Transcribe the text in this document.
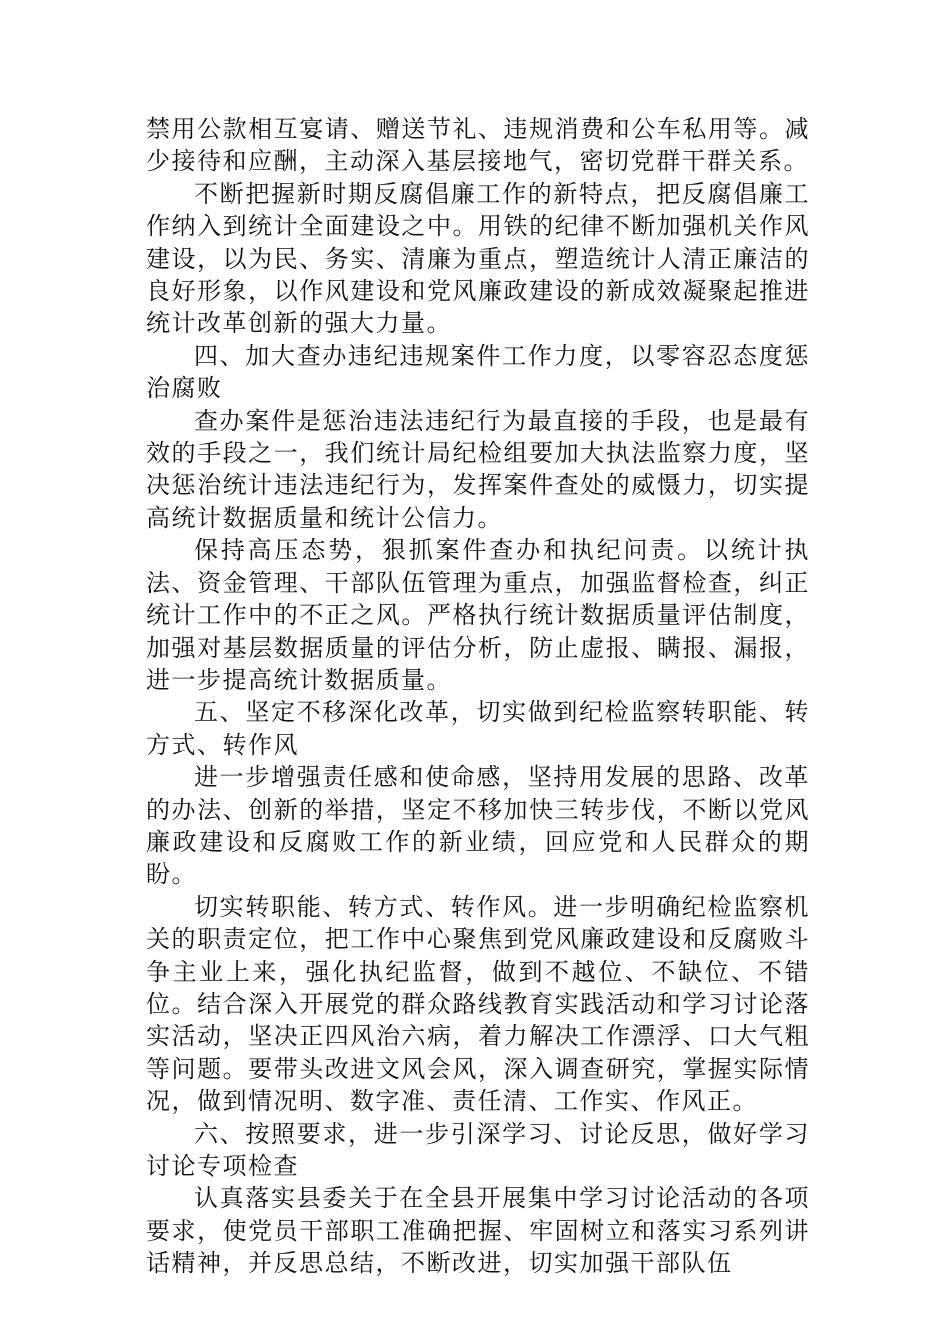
禁用公款相互宴请、赠送节礼、违规消费和公车私用等。减少接待和应酬，主动深入基层接地气，密切党群干群关系。

不断把握新时期反腐倡廉工作的新特点，把反腐倡廉工作纳入到统计全面建设之中。用铁的纪律不断加强机关作风建设，以为民、务实、清廉为重点，塑造统计人清正廉洁的良好形象，以作风建设和党风廉政建设的新成效凝聚起推进统计改革创新的强大力量。

四、加大查办违纪违规案件工作力度，以零容忍态度惩治腐败

查办案件是惩治违法违纪行为最直接的手段，也是最有效的手段之一，我们统计局纪检组要加大执法监察力度，坚决惩治统计违法违纪行为，发挥案件查处的威慑力，切实提高统计数据质量和统计公信力。

保持高压态势，狠抓案件查办和执纪问责。以统计执法、资金管理、干部队伍管理为重点，加强监督检查，纠正统计工作中的不正之风。严格执行统计数据质量评估制度，加强对基层数据质量的评估分析，防止虚报、瞒报、漏报，进一步提高统计数据质量。

五、坚定不移深化改革，切实做到纪检监察转职能、转方式、转作风

进一步增强责任感和使命感，坚持用发展的思路、改革的办法、创新的举措，坚定不移加快三转步伐，不断以党风廉政建设和反腐败工作的新业绩，回应党和人民群众的期盼。

切实转职能、转方式、转作风。进一步明确纪检监察机关的职责定位，把工作中心聚焦到党风廉政建设和反腐败斗争主业上来，强化执纪监督，做到不越位、不缺位、不错位。结合深入开展党的群众路线教育实践活动和学习讨论落实活动，坚决正四风治六病，着力解决工作漂浮、口大气粗等问题。要带头改进文风会风，深入调查研究，掌握实际情况，做到情况明、数字准、责任清、工作实、作风正。

六、按照要求，进一步引深学习、讨论反思，做好学习讨论专项检查

认真落实县委关于在全县开展集中学习讨论活动的各项要求，使党员干部职工准确把握、牢固树立和落实习系列讲话精神，并反思总结，不断改进，切实加强干部队伍
